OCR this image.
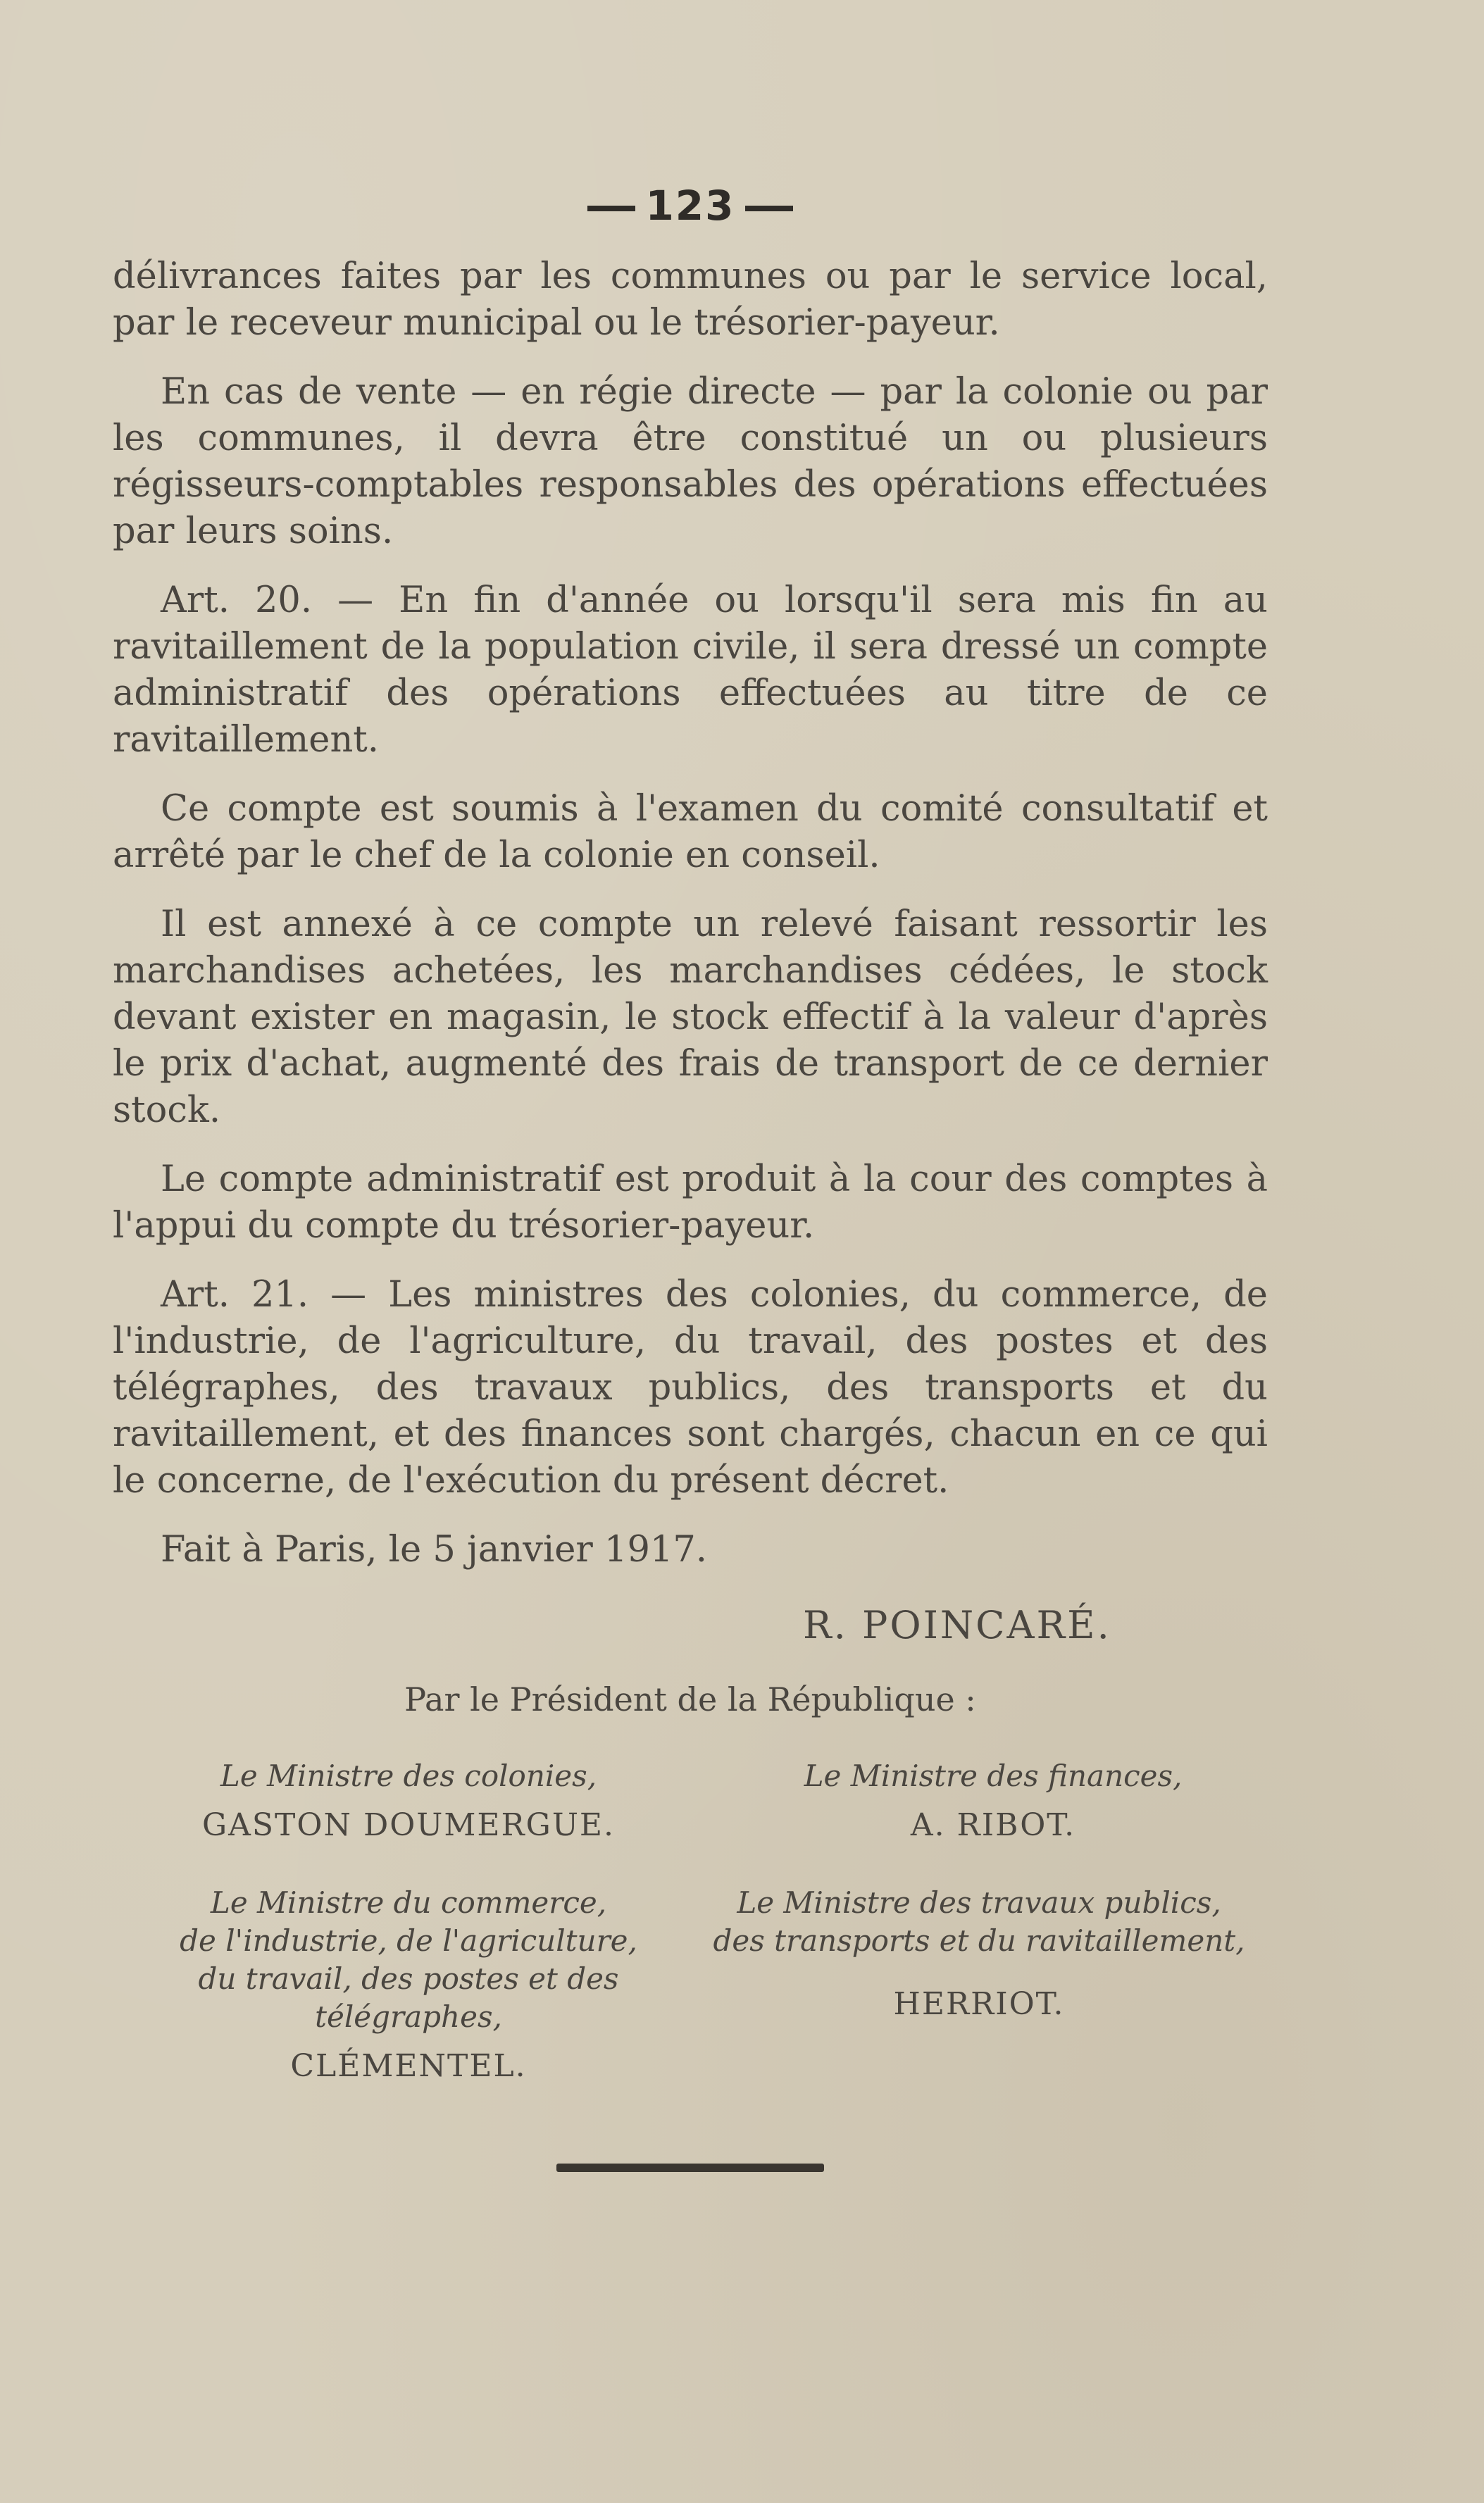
123

délivrances faites par les communes ou par le service local, par le receveur municipal ou le trésorier-payeur.

En cas de vente — en régie directe — par la colonie ou par les communes, il devra être constitué un ou plusieurs régisseurs-comptables responsables des opérations effectuées par leurs soins.

Art. 20. — En fin d'année ou lorsqu'il sera mis fin au ravitaillement de la population civile, il sera dressé un compte administratif des opérations effectuées au titre de ce ravitaillement.

Ce compte est soumis à l'examen du comité consultatif et arrêté par le chef de la colonie en conseil.

Il est annexé à ce compte un relevé faisant ressortir les marchandises achetées, les marchandises cédées, le stock devant exister en magasin, le stock effectif à la valeur d'après le prix d'achat, augmenté des frais de transport de ce dernier stock.

Le compte administratif est produit à la cour des comptes à l'appui du compte du trésorier-payeur.

Art. 21. — Les ministres des colonies, du commerce, de l'industrie, de l'agriculture, du travail, des postes et des télégraphes, des travaux publics, des transports et du ravitaillement, et des finances sont chargés, chacun en ce qui le concerne, de l'exécution du présent décret.

Fait à Paris, le 5 janvier 1917.

R. POINCARÉ.
Par le Président de la République :
Le Ministre des colonies,
GASTON DOUMERGUE.
Le Ministre des finances,
A. RIBOT.
Le Ministre du commerce,
de l'industrie, de l'agriculture,
du travail, des postes et des
télégraphes,
CLÉMENTEL.
Le Ministre des travaux publics,
des transports et du ravitaillement,
HERRIOT.
